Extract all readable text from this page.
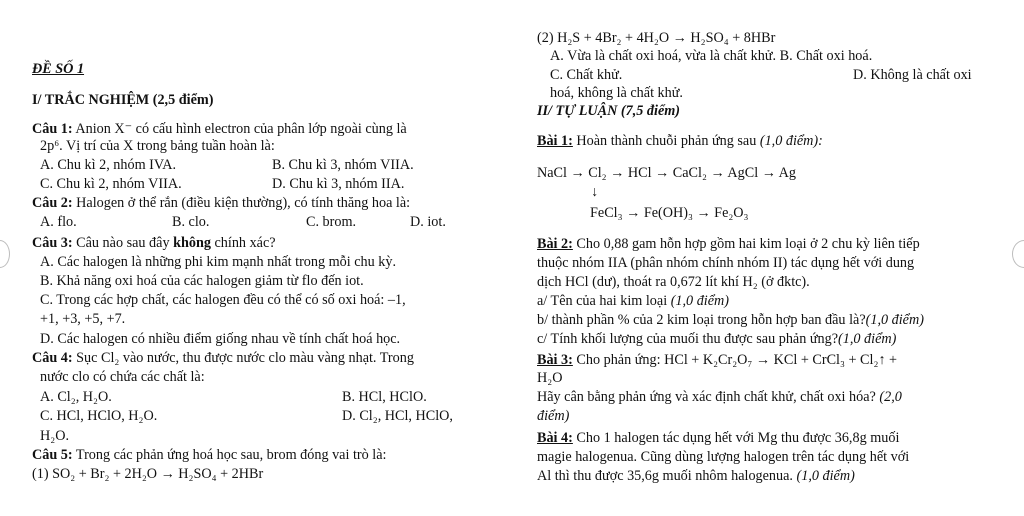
ĐỀ SỐ 1
I/ TRẮC NGHIỆM (2,5 điểm)
Câu 1: Anion X⁻ có cấu hình electron của phân lớp ngoài cùng là
2p⁶. Vị trí của X trong bảng tuần hoàn là:
A. Chu kì 2, nhóm IVA.	B. Chu kì 3, nhóm VIIA.
C. Chu kì 2, nhóm VIIA.	D. Chu kì 3, nhóm IIA.
Câu 2: Halogen ở thể rắn (điều kiện thường), có tính thăng hoa là:
A. flo.	B. clo.	C. brom.	D. iot.
Câu 3: Câu nào sau đây không chính xác?
A. Các halogen là những phi kim mạnh nhất trong mỗi chu kỳ.
B. Khả năng oxi hoá của các halogen giảm từ flo đến iot.
C. Trong các hợp chất, các halogen đều có thể có số oxi hoá: –1,
+1, +3, +5, +7.
D. Các halogen có nhiều điểm giống nhau về tính chất hoá học.
Câu 4: Sục Cl₂ vào nước, thu được nước clo màu vàng nhạt. Trong
nước clo có chứa các chất là:
A. Cl₂, H₂O.	B. HCl, HClO.
C. HCl, HClO, H₂O.	D. Cl₂, HCl, HClO,
H₂O.
Câu 5: Trong các phản ứng hoá học sau, brom đóng vai trò là:
(1) SO₂ + Br₂ + 2H₂O → H₂SO₄ + 2HBr
(2) H₂S + 4Br₂ + 4H₂O → H₂SO₄ + 8HBr
A. Vừa là chất oxi hoá, vừa là chất khử. B. Chất oxi hoá.
C. Chất khử.	D. Không là chất oxi
hoá, không là chất khử.
II/ TỰ LUẬN (7,5 điểm)
Bài 1: Hoàn thành chuỗi phản ứng sau (1,0 điểm):
NaCl → Cl₂ → HCl → CaCl₂ → AgCl → Ag
↓
FeCl₃ → Fe(OH)₃ → Fe₂O₃
Bài 2: Cho 0,88 gam hỗn hợp gồm hai kim loại ở 2 chu kỳ liên tiếp
thuộc nhóm IIA (phân nhóm chính nhóm II) tác dụng hết với dung
dịch HCl (dư), thoát ra 0,672 lít khí H₂ (ở đktc).
a/ Tên của hai kim loại (1,0 điểm)
b/ thành phần % của 2 kim loại trong hỗn hợp ban đầu là?(1,0 điểm)
c/ Tính khối lượng của muối thu được sau phản ứng?(1,0 điểm)
Bài 3: Cho phản ứng: HCl + K₂Cr₂O₇ → KCl + CrCl₃ + Cl₂↑ +
H₂O
Hãy cân bằng phản ứng và xác định chất khử, chất oxi hóa? (2,0
điểm)
Bài 4: Cho 1 halogen tác dụng hết với Mg thu được 36,8g muối
magie halogenua. Cũng dùng lượng halogen trên tác dụng hết với
Al thì thu được 35,6g muối nhôm halogenua. (1,0 điểm)
